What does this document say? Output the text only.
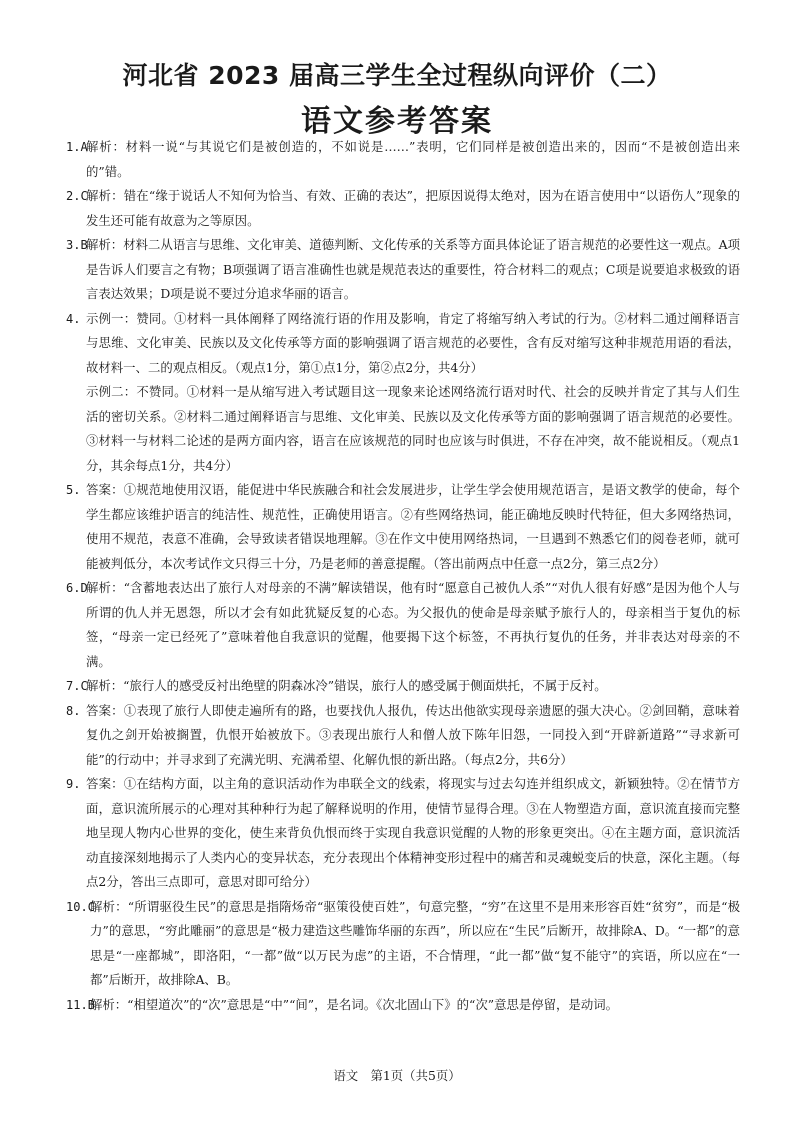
河北省 2023 届高三学生全过程纵向评价（二）
语文参考答案
1.A
解析：材料一说“与其说它们是被创造的，不如说是……”表明，它们同样是被创造出来的，因而“不是被创造出来的”错。
2.C
解析：错在“缘于说话人不知何为恰当、有效、正确的表达”，把原因说得太绝对，因为在语言使用中“以语伤人”现象的发生还可能有故意为之等原因。
3.B
解析：材料二从语言与思维、文化审美、道德判断、文化传承的关系等方面具体论证了语言规范的必要性这一观点。A项是告诉人们要言之有物；B项强调了语言准确性也就是规范表达的重要性，符合材料二的观点；C项是说要追求极致的语言表达效果；D项是说不要过分追求华丽的语言。
4. 示例一：赞同。①材料一具体阐释了网络流行语的作用及影响，肯定了将缩写纳入考试的行为。②材料二通过阐释语言与思维、文化审美、民族以及文化传承等方面的影响强调了语言规范的必要性，含有反对缩写这种非规范用语的看法，故材料一、二的观点相反。（观点1分，第①点1分，第②点2分，共4分）
示例二：不赞同。①材料一是从缩写进入考试题目这一现象来论述网络流行语对时代、社会的反映并肯定了其与人们生活的密切关系。②材料二通过阐释语言与思维、文化审美、民族以及文化传承等方面的影响强调了语言规范的必要性。③材料一与材料二论述的是两方面内容，语言在应该规范的同时也应该与时俱进，不存在冲突，故不能说相反。（观点1分，其余每点1分，共4分）
5. 答案：①规范地使用汉语，能促进中华民族融合和社会发展进步，让学生学会使用规范语言，是语文教学的使命，每个学生都应该维护语言的纯洁性、规范性，正确使用语言。②有些网络热词，能正确地反映时代特征，但大多网络热词，使用不规范，表意不准确，会导致读者错误地理解。③在作文中使用网络热词，一旦遇到不熟悉它们的阅卷老师，就可能被判低分，本次考试作文只得三十分，乃是老师的善意提醒。（答出前两点中任意一点2分，第三点2分）
6.D
解析：“含蓄地表达出了旅行人对母亲的不满”解读错误，他有时“愿意自己被仇人杀”“对仇人很有好感”是因为他个人与所谓的仇人并无恩怨，所以才会有如此犹疑反复的心态。为父报仇的使命是母亲赋予旅行人的，母亲相当于复仇的标签，“母亲一定已经死了”意味着他自我意识的觉醒，他要揭下这个标签，不再执行复仇的任务，并非表达对母亲的不满。
7.C
解析：“旅行人的感受反衬出绝壁的阴森冰冷”错误，旅行人的感受属于侧面烘托，不属于反衬。
8. 答案：①表现了旅行人即使走遍所有的路，也要找仇人报仇，传达出他欲实现母亲遗愿的强大决心。②剑回鞘，意味着复仇之剑开始被搁置，仇恨开始被放下。③表现出旅行人和僧人放下陈年旧怨，一同投入到“开辟新道路”“寻求新可能”的行动中；并寻求到了充满光明、充满希望、化解仇恨的新出路。（每点2分，共6分）
9. 答案：①在结构方面，以主角的意识活动作为串联全文的线索，将现实与过去勾连并组织成文，新颖独特。②在情节方面，意识流所展示的心理对其种种行为起了解释说明的作用，使情节显得合理。③在人物塑造方面，意识流直接而完整地呈现人物内心世界的变化，使生来背负仇恨而终于实现自我意识觉醒的人物的形象更突出。④在主题方面，意识流活动直接深刻地揭示了人类内心的变异状态，充分表现出个体精神变形过程中的痛苦和灵魂蜕变后的快意，深化主题。（每点2分，答出三点即可，意思对即可给分）
10.C
解析：“所谓驱役生民”的意思是指隋炀帝“驱策役使百姓”，句意完整，“穷”在这里不是用来形容百姓“贫穷”，而是“极力”的意思，“穷此雕丽”的意思是“极力建造这些雕饰华丽的东西”，所以应在“生民”后断开，故排除A、D。“一都”的意思是“一座都城”，即洛阳，“一都”做“以万民为虑”的主语，不合情理，“此一都”做“复不能守”的宾语，所以应在“一都”后断开，故排除A、B。
11.B
解析：“相望道次”的“次”意思是“中”“间”，是名词。《次北固山下》的“次”意思是停留，是动词。
语文　第1页（共5页）
